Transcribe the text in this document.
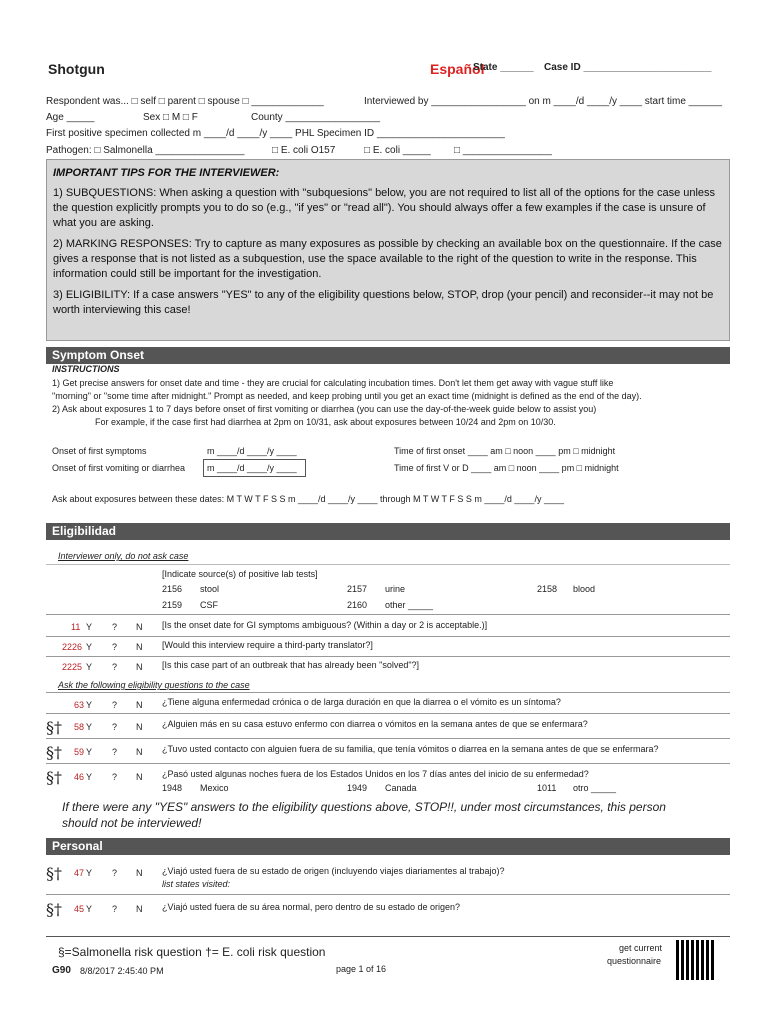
Shotgun	Español
State ______ Case ID _______________________
Respondent was... □ self □ parent □ spouse □ _____________	Interviewed by _________________ on m ____/d ____/y ____ start time ______
Age _____	Sex □ M □ F	County _________________
First positive specimen collected m ____/d ____/y ____ PHL Specimen ID _______________________
Pathogen: □ Salmonella ________________	□ E. coli O157	□ E. coli _____ □ ________________

IMPORTANT TIPS FOR THE INTERVIEWER:

1) SUBQUESTIONS: When asking a question with "subquesions" below, you are not required to list all of the options for the case unless the question explicitly prompts you to do so (e.g., "if yes" or "read all"). You should always offer a few examples if the case is unsure of what you are asking.

2) MARKING RESPONSES: Try to capture as many exposures as possible by checking an available box on the questionnaire. If the case gives a response that is not listed as a subquestion, use the space available to the right of the question to write in the response. This information could still be important for the investigation.

3) ELIGIBILITY: If a case answers "YES" to any of the eligibility questions below, STOP, drop (your pencil) and reconsider--it may not be worth interviewing this case!

Symptom Onset
INSTRUCTIONS
1) Get precise answers for onset date and time - they are crucial for calculating incubation times. Don't let them get away with vague stuff like
"morning" or "some time after midnight." Prompt as needed, and keep probing until you get an exact time (midnight is defined as the end of the day).
2) Ask about exposures 1 to 7 days before onset of first vomiting or diarrhea (you can use the day-of-the-week guide below to assist you)
For example, if the case first had diarrhea at 2pm on 10/31, ask about exposures between 10/24 and 2pm on 10/30.
Onset of first symptoms	m ____/d ____/y ____
Onset of first vomiting or diarrhea m ____/d ____/y ____
Time of first onset ____ am □ noon ____ pm □ midnight
Time of first V or D ____ am □ noon ____ pm □ midnight
Ask about exposures between these dates: M T W T F S S m ____/d ____/y ____ through M T W T F S S m ____/d ____/y ____
Eligibilidad
Interviewer only, do not ask case
[Indicate source(s) of positive lab tests]
2156 stool	2157 urine	2158 blood
2159 CSF	2160 other _____
11 Y ? N [Is the onset date for GI symptoms ambiguous? (Within a day or 2 is acceptable.)]
2226 Y ? N [Would this interview require a third-party translator?]
2225 Y ? N [Is this case part of an outbreak that has already been "solved"?]
Ask the following eligibility questions to the case
63 Y ? N ¿Tiene alguna enfermedad crónica o de larga duración en que la diarrea o el vómito es un síntoma?
§† 58 Y ? N ¿Alguien más en su casa estuvo enfermo con diarrea o vómitos en la semana antes de que se enfermara?
§† 59 Y ? N ¿Tuvo usted contacto con alguien fuera de su familia, que tenía vómitos o diarrea en la semana antes de que se enfermara?
§† 46 Y ? N ¿Pasó usted algunas noches fuera de los Estados Unidos en los 7 días antes del inicio de su enfermedad?
1948 Mexico	1949 Canada	1011 otro _____
If there were any "YES" answers to the eligibility questions above, STOP!!, under most circumstances, this person
should not be interviewed!
Personal
§† 47 Y ? N ¿Viajó usted fuera de su estado de origen (incluyendo viajes diariamentes al trabajo)?
list states visited:
§† 45 Y ? N ¿Viajó usted fuera de su área normal, pero dentro de su estado de origen?
§=Salmonella risk question †= E. coli risk question
G90 8/8/2017 2:45:40 PM	page 1 of 16
get current
questionnaire
